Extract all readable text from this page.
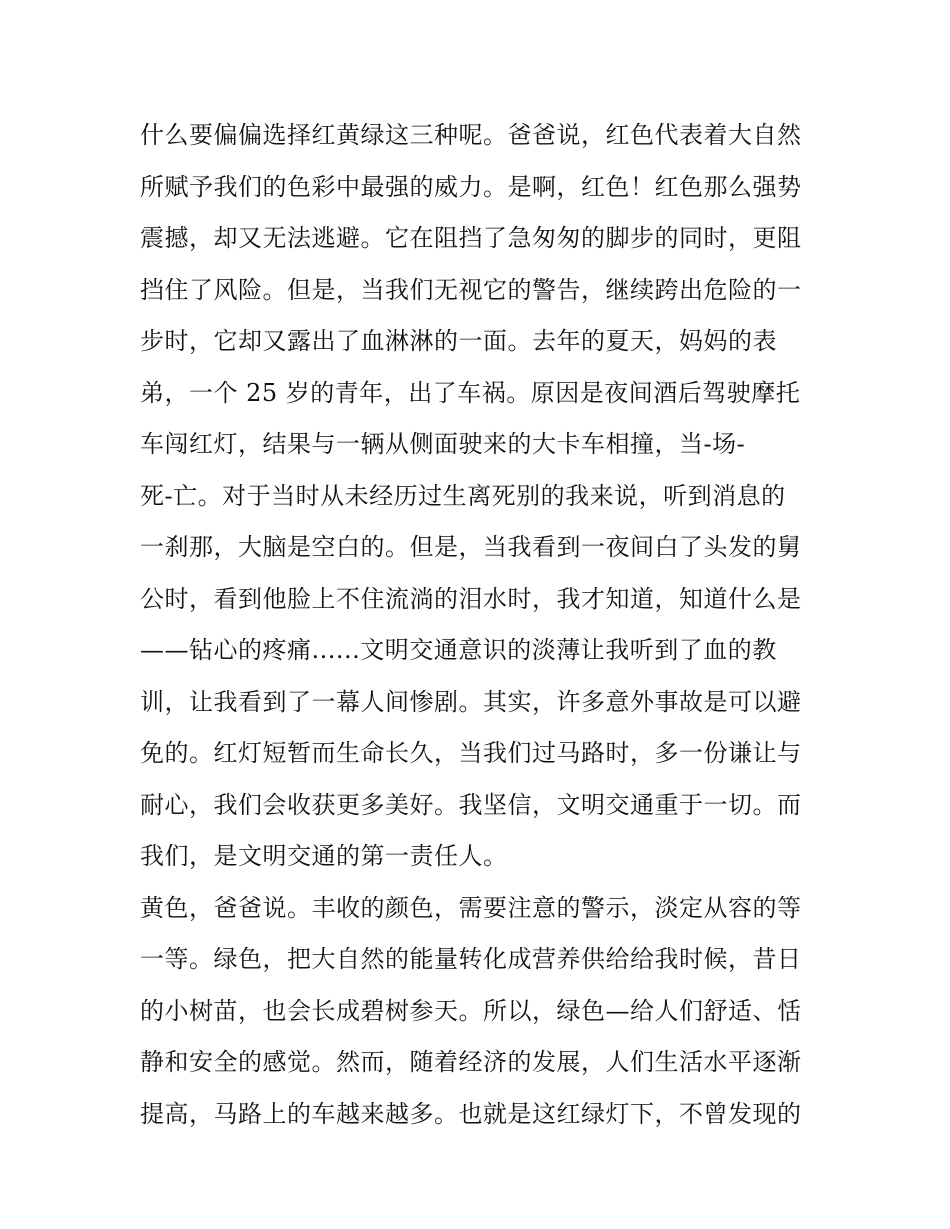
什么要偏偏选择红黄绿这三种呢。爸爸说，红色代表着大自然
所赋予我们的色彩中最强的威力。是啊，红色！红色那么强势
震撼，却又无法逃避。它在阻挡了急匆匆的脚步的同时，更阻
挡住了风险。但是，当我们无视它的警告，继续跨出危险的一
步时，它却又露出了血淋淋的一面。去年的夏天，妈妈的表
弟，一个 25 岁的青年，出了车祸。原因是夜间酒后驾驶摩托
车闯红灯，结果与一辆从侧面驶来的大卡车相撞，当-场-
死-亡。对于当时从未经历过生离死别的我来说，听到消息的
一刹那，大脑是空白的。但是，当我看到一夜间白了头发的舅
公时，看到他脸上不住流淌的泪水时，我才知道，知道什么是
——钻心的疼痛......文明交通意识的淡薄让我听到了血的教
训，让我看到了一幕人间惨剧。其实，许多意外事故是可以避
免的。红灯短暂而生命长久，当我们过马路时，多一份谦让与
耐心，我们会收获更多美好。我坚信，文明交通重于一切。而
我们，是文明交通的第一责任人。
黄色，爸爸说。丰收的颜色，需要注意的警示，淡定从容的等
一等。绿色，把大自然的能量转化成营养供给给我时候，昔日
的小树苗，也会长成碧树参天。所以，绿色—给人们舒适、恬
静和安全的感觉。然而，随着经济的发展，人们生活水平逐渐
提高，马路上的车越来越多。也就是这红绿灯下，不曾发现的
